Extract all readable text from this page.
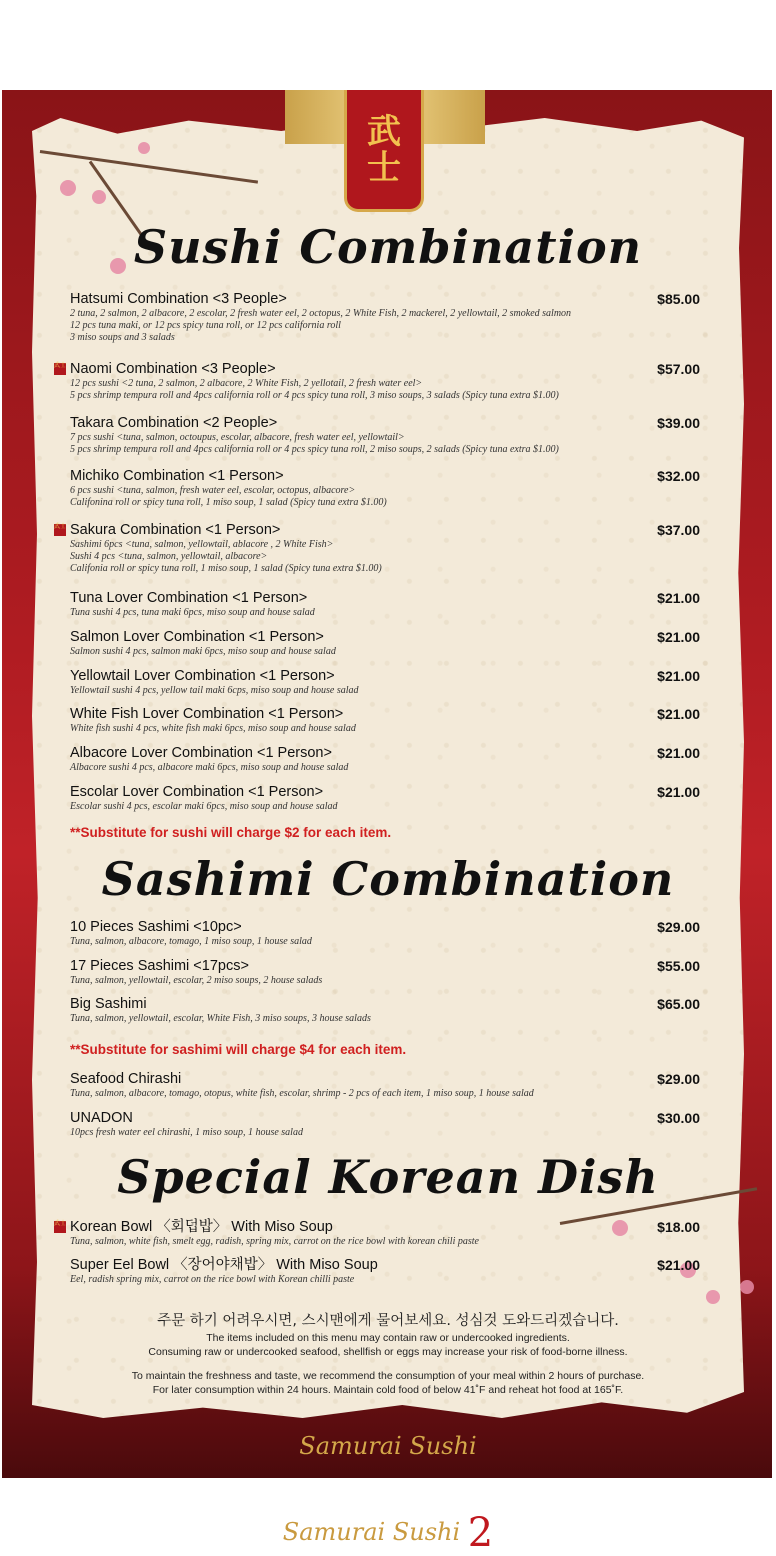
武
士
Sushi Combination
Hatsumi Combination <3 People>
2 tuna, 2 salmon, 2 albacore, 2 escolar, 2 fresh water eel, 2 octopus, 2 White Fish, 2 mackerel, 2 yellowtail, 2 smoked salmon
12 pcs tuna maki, or 12 pcs spicy tuna roll, or 12 pcs california roll
3 miso soups and 3 salads
$85.00
武士 Naomi Combination <3 People>
12 pcs sushi <2 tuna, 2 salmon, 2 albacore, 2 White Fish, 2 yellotail, 2 fresh water eel>
5 pcs shrimp tempura roll and 4pcs california roll or 4 pcs spicy tuna roll, 3 miso soups, 3 salads (Spicy tuna extra $1.00)
$57.00
Takara Combination <2 People>
7 pcs sushi <tuna, salmon, octoupus, escolar, albacore, fresh water eel, yellowtail>
5 pcs shrimp tempura roll and 4pcs california roll or 4 pcs spicy tuna roll, 2 miso soups, 2 salads (Spicy tuna extra $1.00)
$39.00
Michiko Combination <1 Person>
6 pcs sushi <tuna, salmon, fresh water eel, escolar, octopus, albacore>
Califonina roll or spicy tuna roll, 1 miso soup, 1 salad (Spicy tuna extra $1.00)
$32.00
武士 Sakura Combination <1 Person>
Sashimi 6pcs <tuna, salmon, yellowtail, ablacore , 2 White Fish>
Sushi 4 pcs <tuna, salmon, yellowtail, albacore>
Califonia roll or spicy tuna roll, 1 miso soup, 1 salad (Spicy tuna extra $1.00)
$37.00
Tuna Lover Combination <1 Person>
Tuna sushi 4 pcs, tuna maki 6pcs, miso soup and house salad
$21.00
Salmon Lover Combination <1 Person>
Salmon sushi 4 pcs, salmon maki 6pcs, miso soup and house salad
$21.00
Yellowtail Lover Combination <1 Person>
Yellowtail sushi 4 pcs, yellow tail maki 6cps, miso soup and house salad
$21.00
White Fish Lover Combination <1 Person>
White fish sushi 4 pcs, white fish maki 6pcs, miso soup and house salad
$21.00
Albacore Lover Combination <1 Person>
Albacore sushi 4 pcs, albacore maki 6pcs, miso soup and house salad
$21.00
Escolar Lover Combination <1 Person>
Escolar sushi 4 pcs, escolar maki 6pcs, miso soup and house salad
$21.00
**Substitute for sushi will charge $2 for each item.
Sashimi Combination
10 Pieces Sashimi <10pc>
Tuna, salmon, albacore, tomago, 1 miso soup, 1 house salad
$29.00
17 Pieces Sashimi <17pcs>
Tuna, salmon, yellowtail, escolar, 2 miso soups, 2 house salads
$55.00
Big Sashimi
Tuna, salmon, yellowtail, escolar, White Fish, 3 miso soups, 3 house salads
$65.00
**Substitute for sashimi will charge $4 for each item.
Seafood Chirashi
Tuna, salmon, albacore, tomago, otopus, white fish, escolar, shrimp - 2 pcs of each item, 1 miso soup, 1 house salad
$29.00
UNADON
10pcs fresh water eel chirashi, 1 miso soup, 1 house salad
$30.00
Special Korean Dish
武士 Korean Bowl 〈회덥밥〉 With Miso Soup
Tuna, salmon, white fish, smelt egg, radish, spring mix, carrot on the rice bowl with korean chili paste
$18.00
Super Eel Bowl 〈장어야채밥〉 With Miso Soup
Eel, radish spring mix, carrot on the rice bowl with Korean chilli paste
$21.00
주문 하기 어려우시면, 스시맨에게 물어보세요. 성심것 도와드리겠습니다.
The items included on this menu may contain raw or undercooked ingredients.
Consuming raw or undercooked seafood, shellfish or eggs may increase your risk of food-borne illness.
To maintain the freshness and taste, we recommend the consumption of your meal within 2 hours of purchase.
For later consumption within 24 hours. Maintain cold food of below 41˚F and reheat hot food at 165˚F.
Samurai Sushi
Samurai Sushi 2
